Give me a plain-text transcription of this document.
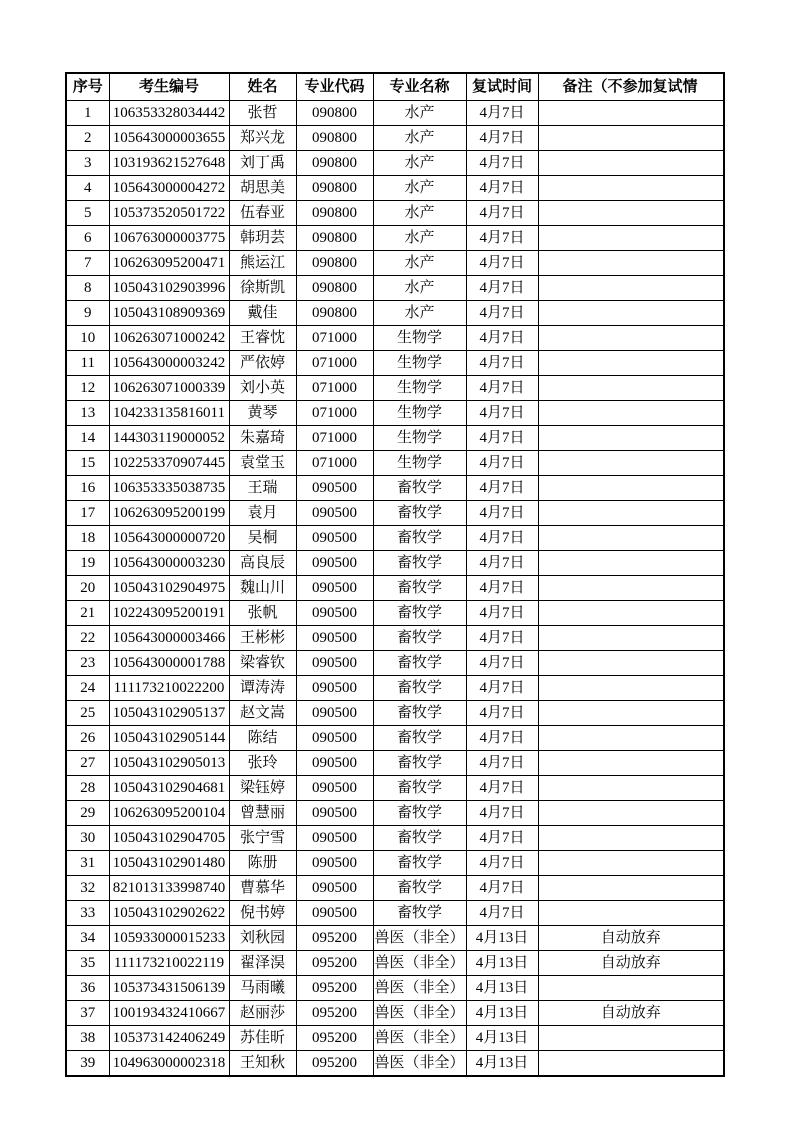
序号	考生编号	姓名	专业代码	专业名称	复试时间	备注（不参加复试情
1	106353328034442	张哲	090800	水产	4月7日	
2	105643000003655	郑兴龙	090800	水产	4月7日	
3	103193621527648	刘丁禹	090800	水产	4月7日	
4	105643000004272	胡思美	090800	水产	4月7日	
5	105373520501722	伍春亚	090800	水产	4月7日	
6	106763000003775	韩玥芸	090800	水产	4月7日	
7	106263095200471	熊运江	090800	水产	4月7日	
8	105043102903996	徐斯凯	090800	水产	4月7日	
9	105043108909369	戴佳	090800	水产	4月7日	
10	106263071000242	王睿忱	071000	生物学	4月7日	
11	105643000003242	严依婷	071000	生物学	4月7日	
12	106263071000339	刘小英	071000	生物学	4月7日	
13	104233135816011	黄琴	071000	生物学	4月7日	
14	144303119000052	朱嘉琦	071000	生物学	4月7日	
15	102253370907445	袁堂玉	071000	生物学	4月7日	
16	106353335038735	王瑞	090500	畜牧学	4月7日	
17	106263095200199	袁月	090500	畜牧学	4月7日	
18	105643000000720	吴桐	090500	畜牧学	4月7日	
19	105643000003230	高良辰	090500	畜牧学	4月7日	
20	105043102904975	魏山川	090500	畜牧学	4月7日	
21	102243095200191	张帆	090500	畜牧学	4月7日	
22	105643000003466	王彬彬	090500	畜牧学	4月7日	
23	105643000001788	梁睿钦	090500	畜牧学	4月7日	
24	111173210022200	谭涛涛	090500	畜牧学	4月7日	
25	105043102905137	赵文嵩	090500	畜牧学	4月7日	
26	105043102905144	陈结	090500	畜牧学	4月7日	
27	105043102905013	张玲	090500	畜牧学	4月7日	
28	105043102904681	梁钰婷	090500	畜牧学	4月7日	
29	106263095200104	曾慧丽	090500	畜牧学	4月7日	
30	105043102904705	张宁雪	090500	畜牧学	4月7日	
31	105043102901480	陈册	090500	畜牧学	4月7日	
32	821013133998740	曹慕华	090500	畜牧学	4月7日	
33	105043102902622	倪书婷	090500	畜牧学	4月7日	
34	105933000015233	刘秋园	095200	兽医（非全）	4月13日	自动放弃
35	111173210022119	翟泽淏	095200	兽医（非全）	4月13日	自动放弃
36	105373431506139	马雨曦	095200	兽医（非全）	4月13日	
37	100193432410667	赵丽莎	095200	兽医（非全）	4月13日	自动放弃
38	105373142406249	苏佳昕	095200	兽医（非全）	4月13日	
39	104963000002318	王知秋	095200	兽医（非全）	4月13日	
